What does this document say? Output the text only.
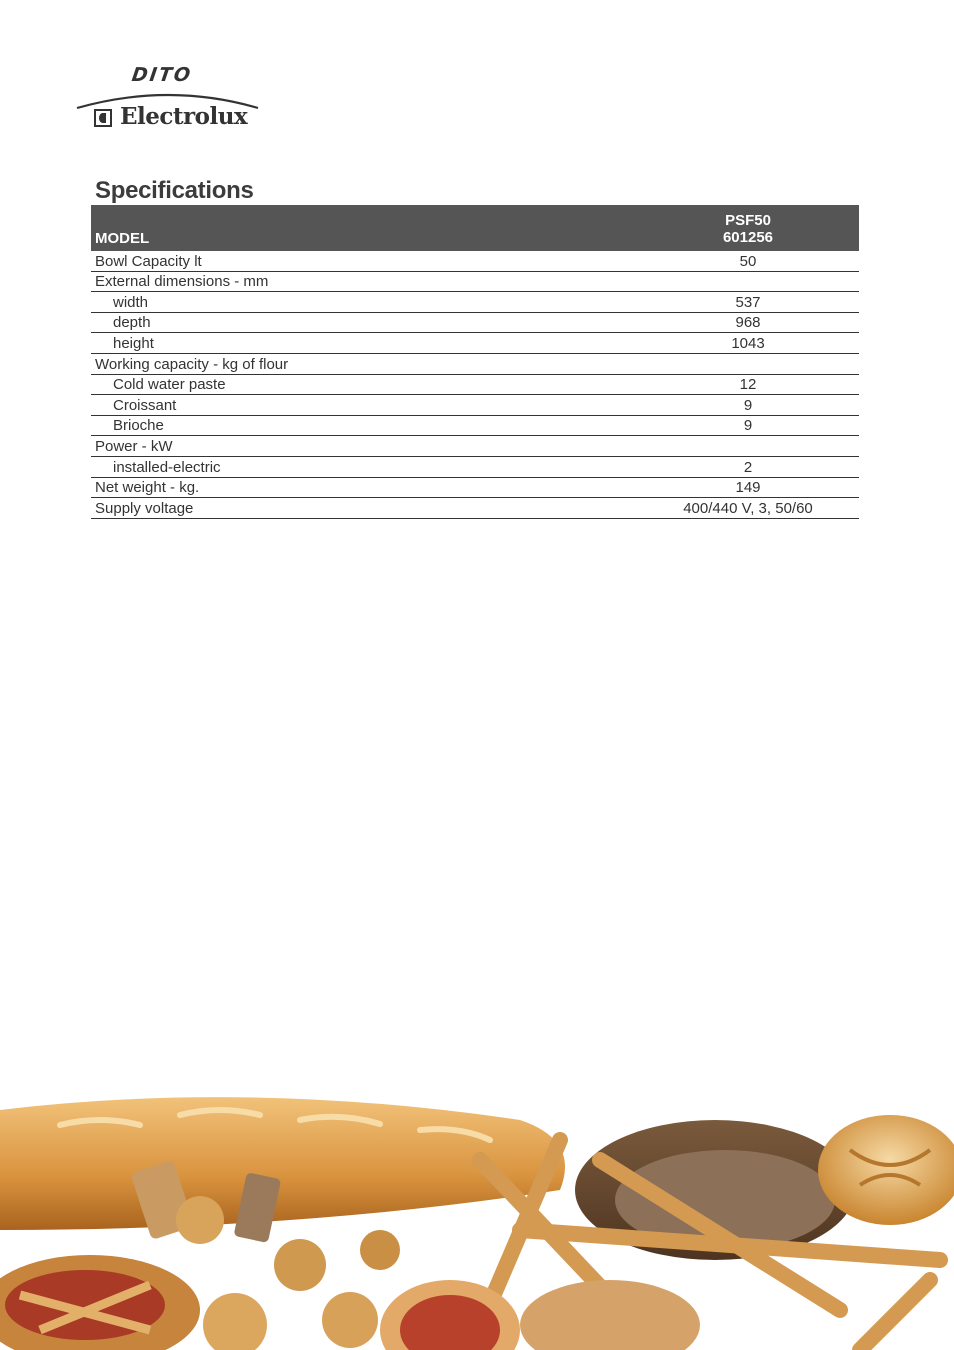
DITO
Electrolux
Specifications
MODEL	PSF50
601256

Bowl Capacity lt	50
External dimensions - mm	
width	537
depth	968
height	1043
Working capacity - kg of flour	
Cold water paste	12
Croissant	9
Brioche	9
Power - kW	
installed-electric	2
Net weight - kg.	149
Supply voltage	400/440 V, 3, 50/60
